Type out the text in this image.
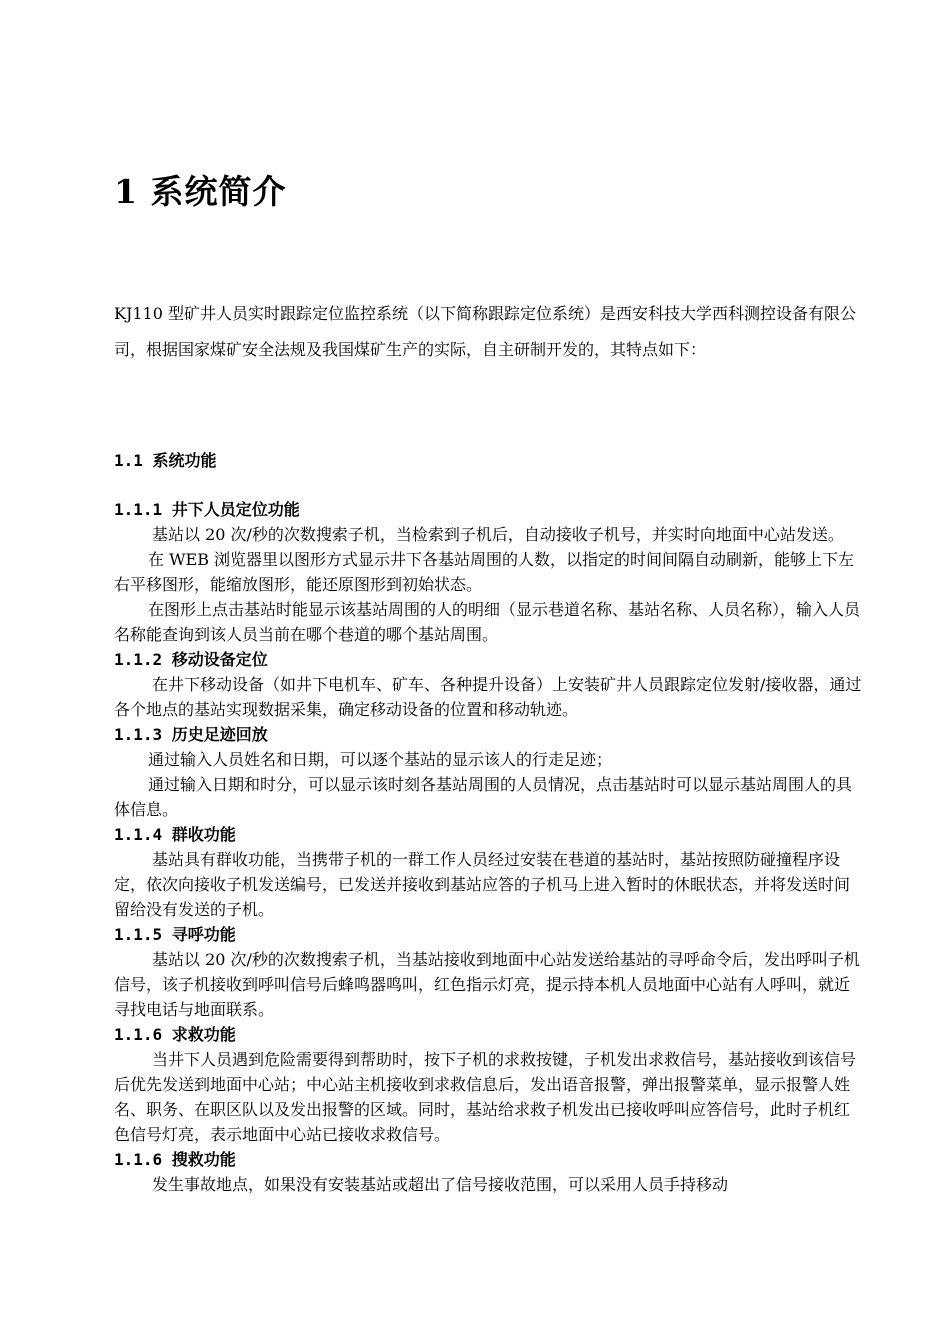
1 系统简介
KJ110 型矿井人员实时跟踪定位监控系统（以下简称跟踪定位系统）是西安科技大学西科测控设备有限公司，根据国家煤矿安全法规及我国煤矿生产的实际，自主研制开发的，其特点如下：
1.1 系统功能
1.1.1 井下人员定位功能
基站以 20 次/秒的次数搜索子机，当检索到子机后，自动接收子机号，并实时向地面中心站发送。
在 WEB 浏览器里以图形方式显示井下各基站周围的人数，以指定的时间间隔自动刷新，能够上下左右平移图形，能缩放图形，能还原图形到初始状态。
在图形上点击基站时能显示该基站周围的人的明细（显示巷道名称、基站名称、人员名称），输入人员名称能查询到该人员当前在哪个巷道的哪个基站周围。
1.1.2 移动设备定位
在井下移动设备（如井下电机车、矿车、各种提升设备）上安装矿井人员跟踪定位发射/接收器，通过各个地点的基站实现数据采集，确定移动设备的位置和移动轨迹。
1.1.3 历史足迹回放
通过输入人员姓名和日期，可以逐个基站的显示该人的行走足迹；
通过输入日期和时分，可以显示该时刻各基站周围的人员情况，点击基站时可以显示基站周围人的具体信息。
1.1.4 群收功能
基站具有群收功能，当携带子机的一群工作人员经过安装在巷道的基站时，基站按照防碰撞程序设定，依次向接收子机发送编号，已发送并接收到基站应答的子机马上进入暂时的休眠状态，并将发送时间留给没有发送的子机。
1.1.5 寻呼功能
基站以 20 次/秒的次数搜索子机，当基站接收到地面中心站发送给基站的寻呼命令后，发出呼叫子机信号，该子机接收到呼叫信号后蜂鸣器鸣叫，红色指示灯亮，提示持本机人员地面中心站有人呼叫，就近寻找电话与地面联系。
1.1.6 求救功能
当井下人员遇到危险需要得到帮助时，按下子机的求救按键，子机发出求救信号，基站接收到该信号后优先发送到地面中心站；中心站主机接收到求救信息后，发出语音报警，弹出报警菜单，显示报警人姓名、职务、在职区队以及发出报警的区域。同时，基站给求救子机发出已接收呼叫应答信号，此时子机红色信号灯亮，表示地面中心站已接收求救信号。
1.1.6 搜救功能
发生事故地点，如果没有安装基站或超出了信号接收范围，可以采用人员手持移动
